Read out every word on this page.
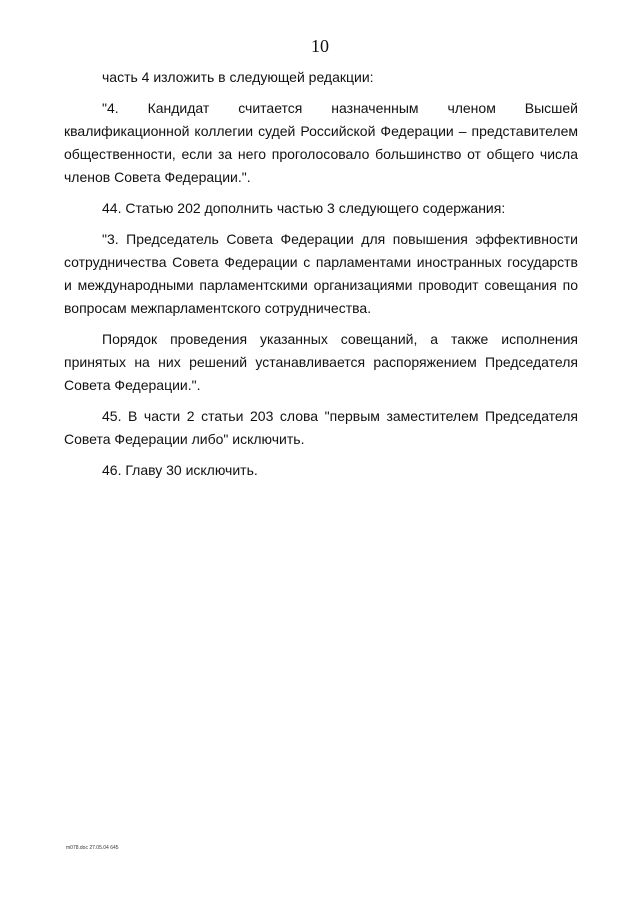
10

часть 4 изложить в следующей редакции:

"4. Кандидат считается назначенным членом Высшей квалификационной коллегии судей Российской Федерации – представителем общественности, если за него проголосовало большинство от общего числа членов Совета Федерации.".

44. Статью 202 дополнить частью 3 следующего содержания:

"3. Председатель Совета Федерации для повышения эффективности сотрудничества Совета Федерации с парламентами иностранных государств и международными парламентскими организациями проводит совещания по вопросам межпарламентского сотрудничества.

Порядок проведения указанных совещаний, а также исполнения принятых на них решений устанавливается распоряжением Председателя Совета Федерации.".

45. В части 2 статьи 203 слова "первым заместителем Председателя Совета Федерации либо" исключить.

46. Главу 30 исключить.

m078.doc 27.05.04 645
